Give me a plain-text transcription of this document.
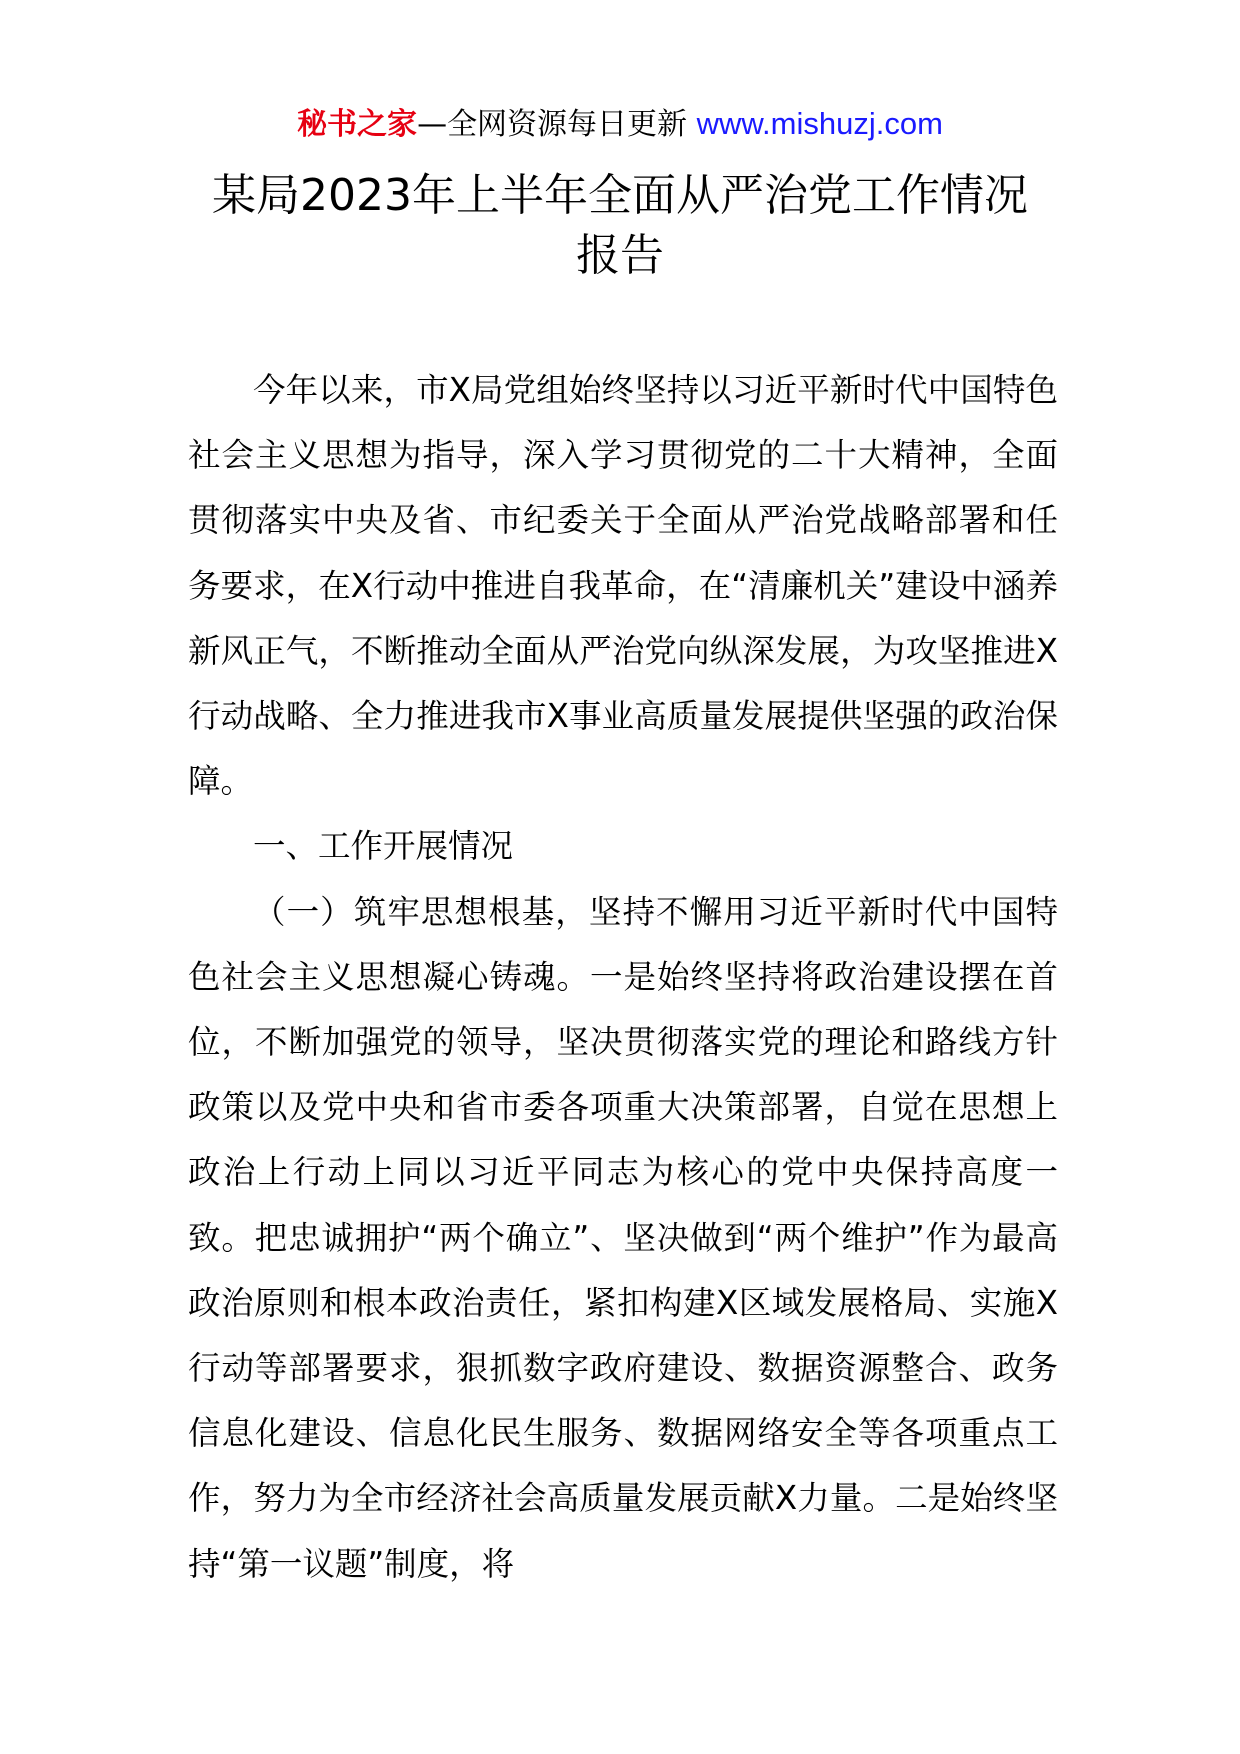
秘书之家—全网资源每日更新 www.mishuzj.com
某局2023年上半年全面从严治党工作情况
报告

今年以来，市X局党组始终坚持以习近平新时代中国特色社会主义思想为指导，深入学习贯彻党的二十大精神，全面贯彻落实中央及省、市纪委关于全面从严治党战略部署和任务要求，在X行动中推进自我革命，在“清廉机关”建设中涵养新风正气，不断推动全面从严治党向纵深发展，为攻坚推进X行动战略、全力推进我市X事业高质量发展提供坚强的政治保障。

一、工作开展情况

（一）筑牢思想根基，坚持不懈用习近平新时代中国特色社会主义思想凝心铸魂。一是始终坚持将政治建设摆在首位，不断加强党的领导，坚决贯彻落实党的理论和路线方针政策以及党中央和省市委各项重大决策部署，自觉在思想上政治上行动上同以习近平同志为核心的党中央保持高度一致。把忠诚拥护“两个确立”、坚决做到“两个维护”作为最高政治原则和根本政治责任，紧扣构建X区域发展格局、实施X行动等部署要求，狠抓数字政府建设、数据资源整合、政务信息化建设、信息化民生服务、数据网络安全等各项重点工作，努力为全市经济社会高质量发展贡献X力量。二是始终坚持“第一议题”制度，将
